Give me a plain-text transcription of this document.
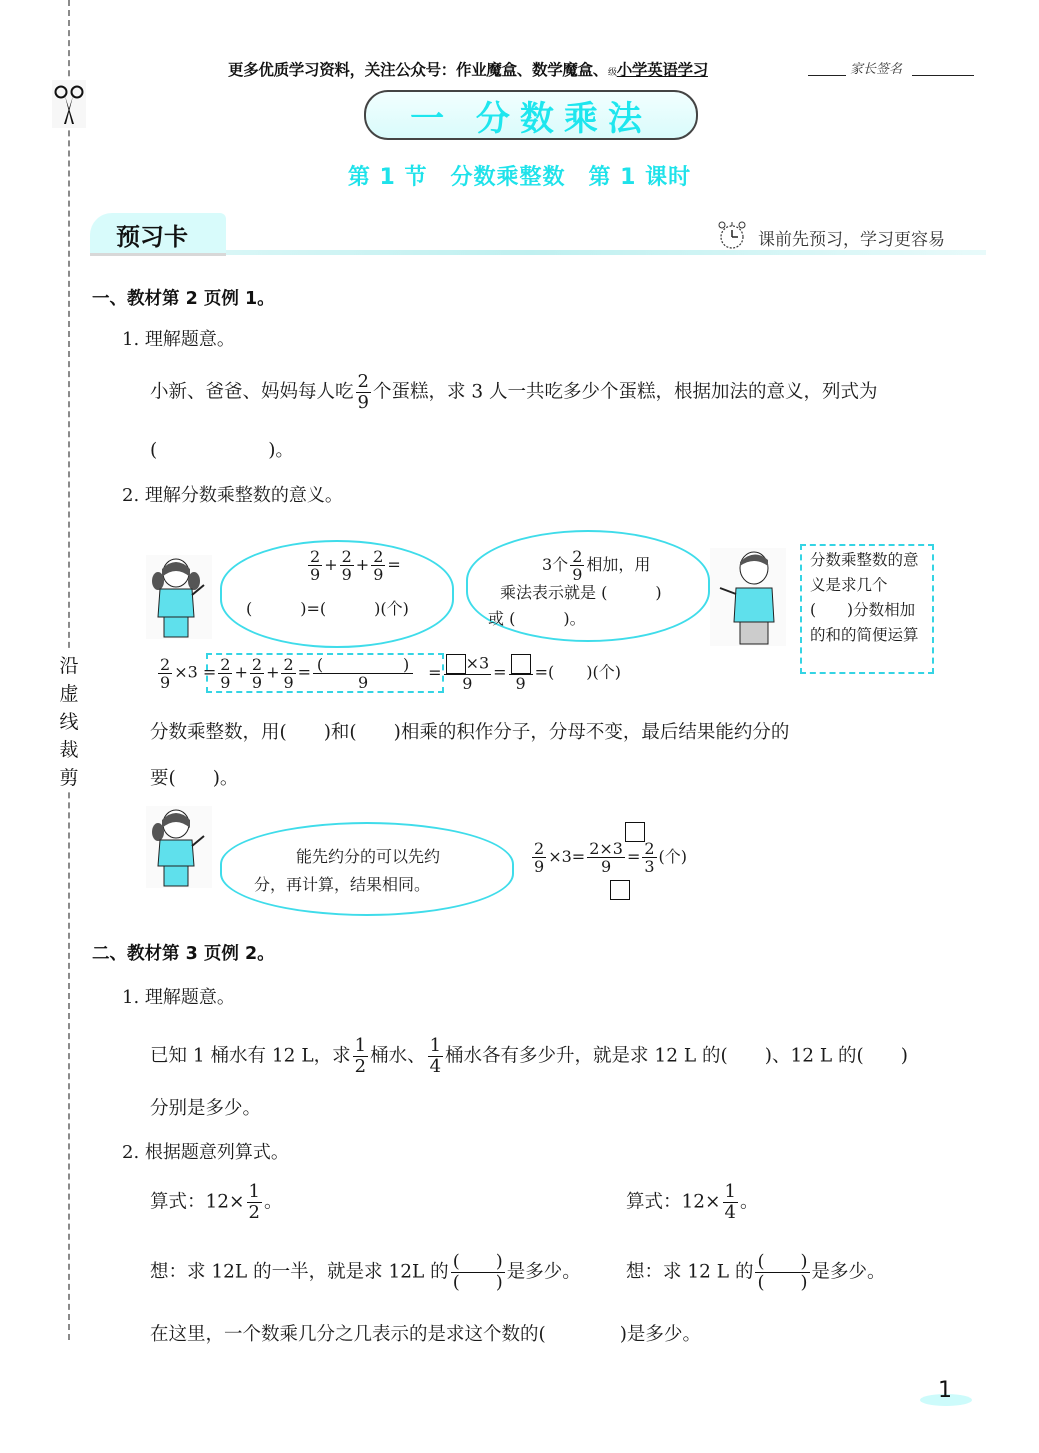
沿
虚
线
裁
剪
更多优质学习资料，关注公众号：作业魔盒、数学魔盒、级小学英语学习	家长签名
一 分数乘法
第 1 节　分数乘整数　第 1 课时
预习卡	课前先预习，学习更容易
一、教材第 2 页例 1。
1. 理解题意。
小新、爸爸、妈妈每人吃 $\frac{2}{9}$ 个蛋糕，求 3 人一共吃多少个蛋糕，根据加法的意义，列式为
(　　　　　　)。
2. 理解分数乘整数的意义。
$\frac{2}{9} + \frac{2}{9} + \frac{2}{9}$ =
(　　　)=(　　　)(个)
3个 $\frac{2}{9}$ 相加，用
乘法表示就是 (　　　)
或 (　　　)。
分数乘整数的意义是求几个(　　)分数相加的和的简便运算
$\frac{2}{9} \times 3 = \frac{2}{9} + \frac{2}{9} + \frac{2}{9} = \frac{( )}{9} = \frac{\times 3}{9}$ =
9
=(　　)(个)
分数乘整数，用(　　)和(　　)相乘的积作分子，分母不变，最后结果能约分的
要(　　)。
能先约分的可以先约
分，再计算，结果相同。
$\frac{2}{9} \times 3= \frac{2\times 3}{9} = \frac{2}{3}$ (个)
二、教材第 3 页例 2。
1. 理解题意。
已知 1 桶水有 12 L，求 $\frac{1}{2}$ 桶水、 $\frac{1}{4}$ 桶水各有多少升，就是求 12 L 的(　　)、12 L 的(　　)
分别是多少。
2. 根据题意列算式。
算式：$12\times \frac{1}{2}$ 。	算式：$12\times \frac{1}{4}$ 。
想：求 12L 的一半，就是求 12L 的 $\frac{( )}{( )}$ 是多少。 想：求 12 L 的 $\frac{( )}{( )}$ 是多少。
在这里，一个数乘几分之几表示的是求这个数的(　　　　)是多少。
1
